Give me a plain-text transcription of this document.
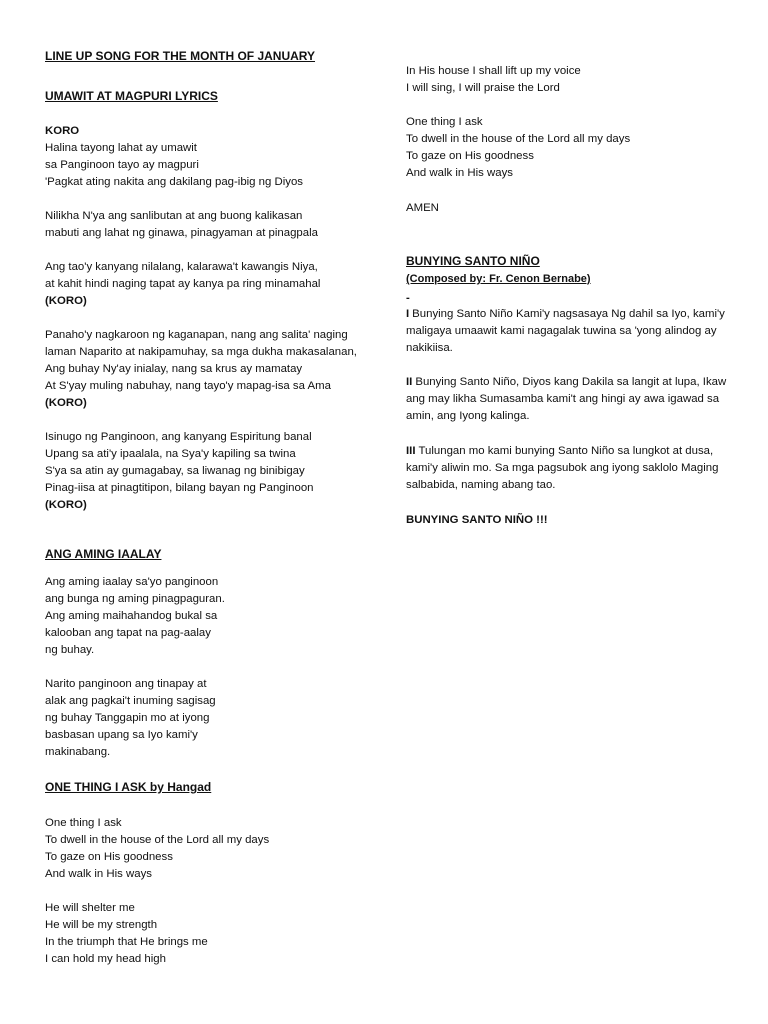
LINE UP SONG FOR THE MONTH OF JANUARY
UMAWIT AT MAGPURI LYRICS
KORO
Halina tayong lahat ay umawit
sa Panginoon tayo ay magpuri
'Pagkat ating nakita ang dakilang pag-ibig ng Diyos
Nilikha N'ya ang sanlibutan at ang buong kalikasan
mabuti ang lahat ng ginawa, pinagyaman at pinagpala
Ang tao'y kanyang nilalang, kalarawa't kawangis Niya,
at kahit hindi naging tapat ay kanya pa ring minamahal
(KORO)
Panaho'y nagkaroon ng kaganapan, nang ang salita' naging
laman Naparito at nakipamuhay, sa mga dukha makasalanan,
Ang buhay Ny'ay inialay, nang sa krus ay mamatay
At S'yay muling nabuhay, nang tayo'y mapag-isa sa Ama
(KORO)
Isinugo ng Panginoon, ang kanyang Espiritung banal
Upang sa ati'y ipaalala, na Sya'y kapiling sa twina
S'ya sa atin ay gumagabay, sa liwanag ng binibigay
Pinag-iisa at pinagtitipon, bilang bayan ng Panginoon
(KORO)
ANG AMING IAALAY
Ang aming iaalay sa'yo panginoon
ang bunga ng aming pinagpaguran.
Ang aming maihahandog bukal sa
kalooban ang tapat na pag-aalay
ng buhay.
Narito panginoon ang tinapay at
alak ang pagkai't inuming sagisag
ng buhay Tanggapin mo at iyong
basbasan upang sa Iyo kami'y
makinabang.
ONE THING I ASK by Hangad
One thing I ask
To dwell in the house of the Lord all my days
To gaze on His goodness
And walk in His ways
He will shelter me
He will be my strength
In the triumph that He brings me
I can hold my head high
In His house I shall lift up my voice
I will sing, I will praise the Lord
One thing I ask
To dwell in the house of the Lord all my days
To gaze on His goodness
And walk in His ways
AMEN
BUNYING SANTO NIÑO
(Composed by: Fr. Cenon Bernabe)
-
I Bunying Santo Niño Kami'y nagsasaya Ng dahil sa Iyo, kami'y maligaya umaawit kami nagagalak tuwina sa 'yong alindog ay nakikiisa.
II Bunying Santo Niño, Diyos kang Dakila sa langit at lupa, Ikaw ang may likha Sumasamba kami't ang hingi ay awa igawad sa amin, ang Iyong kalinga.
III Tulungan mo kami bunying Santo Niño sa lungkot at dusa, kami'y aliwin mo. Sa mga pagsubok ang iyong saklolo Maging salbabida, naming abang tao.
BUNYING SANTO NIÑO !!!
